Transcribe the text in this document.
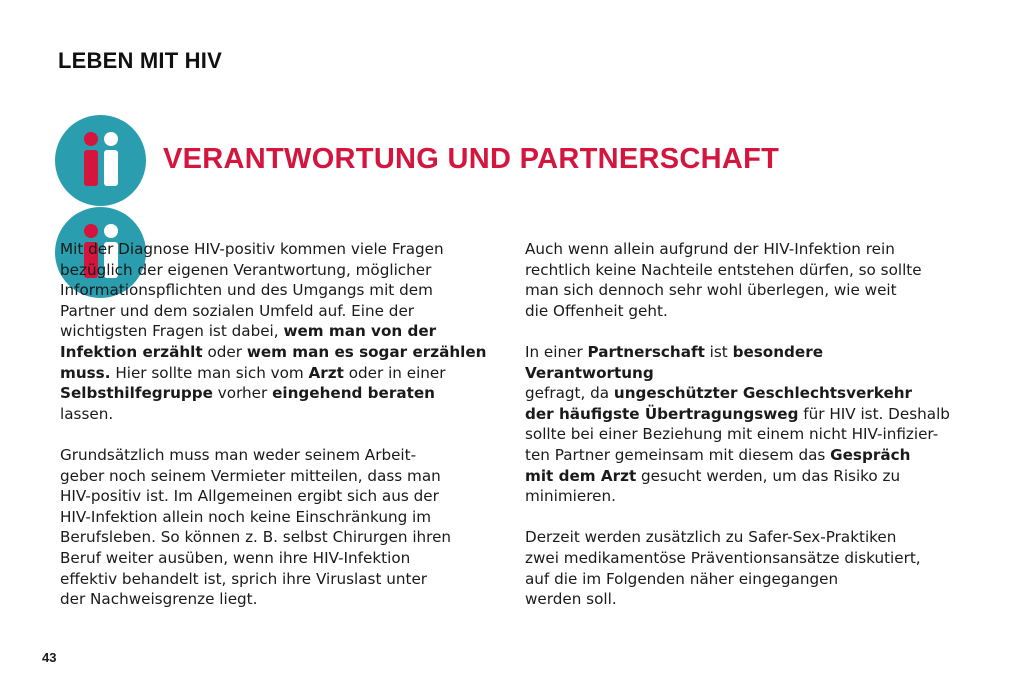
LEBEN MIT HIV
VERANTWORTUNG UND PARTNERSCHAFT

Mit der Diagnose HIV-positiv kommen viele Fragen
bezüglich der eigenen Verantwortung, möglicher
Informationspflichten und des Umgangs mit dem
Partner und dem sozialen Umfeld auf. Eine der
wichtigsten Fragen ist dabei, wem man von der
Infektion erzählt oder wem man es sogar erzählen
muss. Hier sollte man sich vom Arzt oder in einer
Selbsthilfegruppe vorher eingehend beraten
lassen.

Grundsätzlich muss man weder seinem Arbeit-
geber noch seinem Vermieter mitteilen, dass man
HIV-positiv ist. Im Allgemeinen ergibt sich aus der
HIV-Infektion allein noch keine Einschränkung im
Berufsleben. So können z. B. selbst Chirurgen ihren
Beruf weiter ausüben, wenn ihre HIV-Infektion
effektiv behandelt ist, sprich ihre Viruslast unter
der Nachweisgrenze liegt.

Auch wenn allein aufgrund der HIV-Infektion rein
rechtlich keine Nachteile entstehen dürfen, so sollte
man sich dennoch sehr wohl überlegen, wie weit
die Offenheit geht.

In einer Partnerschaft ist besondere Verantwortung
gefragt, da ungeschützter Geschlechtsverkehr
der häufigste Übertragungsweg für HIV ist. Deshalb
sollte bei einer Beziehung mit einem nicht HIV-infizier-
ten Partner gemeinsam mit diesem das Gespräch
mit dem Arzt gesucht werden, um das Risiko zu
minimieren.

Derzeit werden zusätzlich zu Safer-Sex-Praktiken
zwei medikamentöse Präventionsansätze diskutiert,
auf die im Folgenden näher eingegangen
werden soll.

43
